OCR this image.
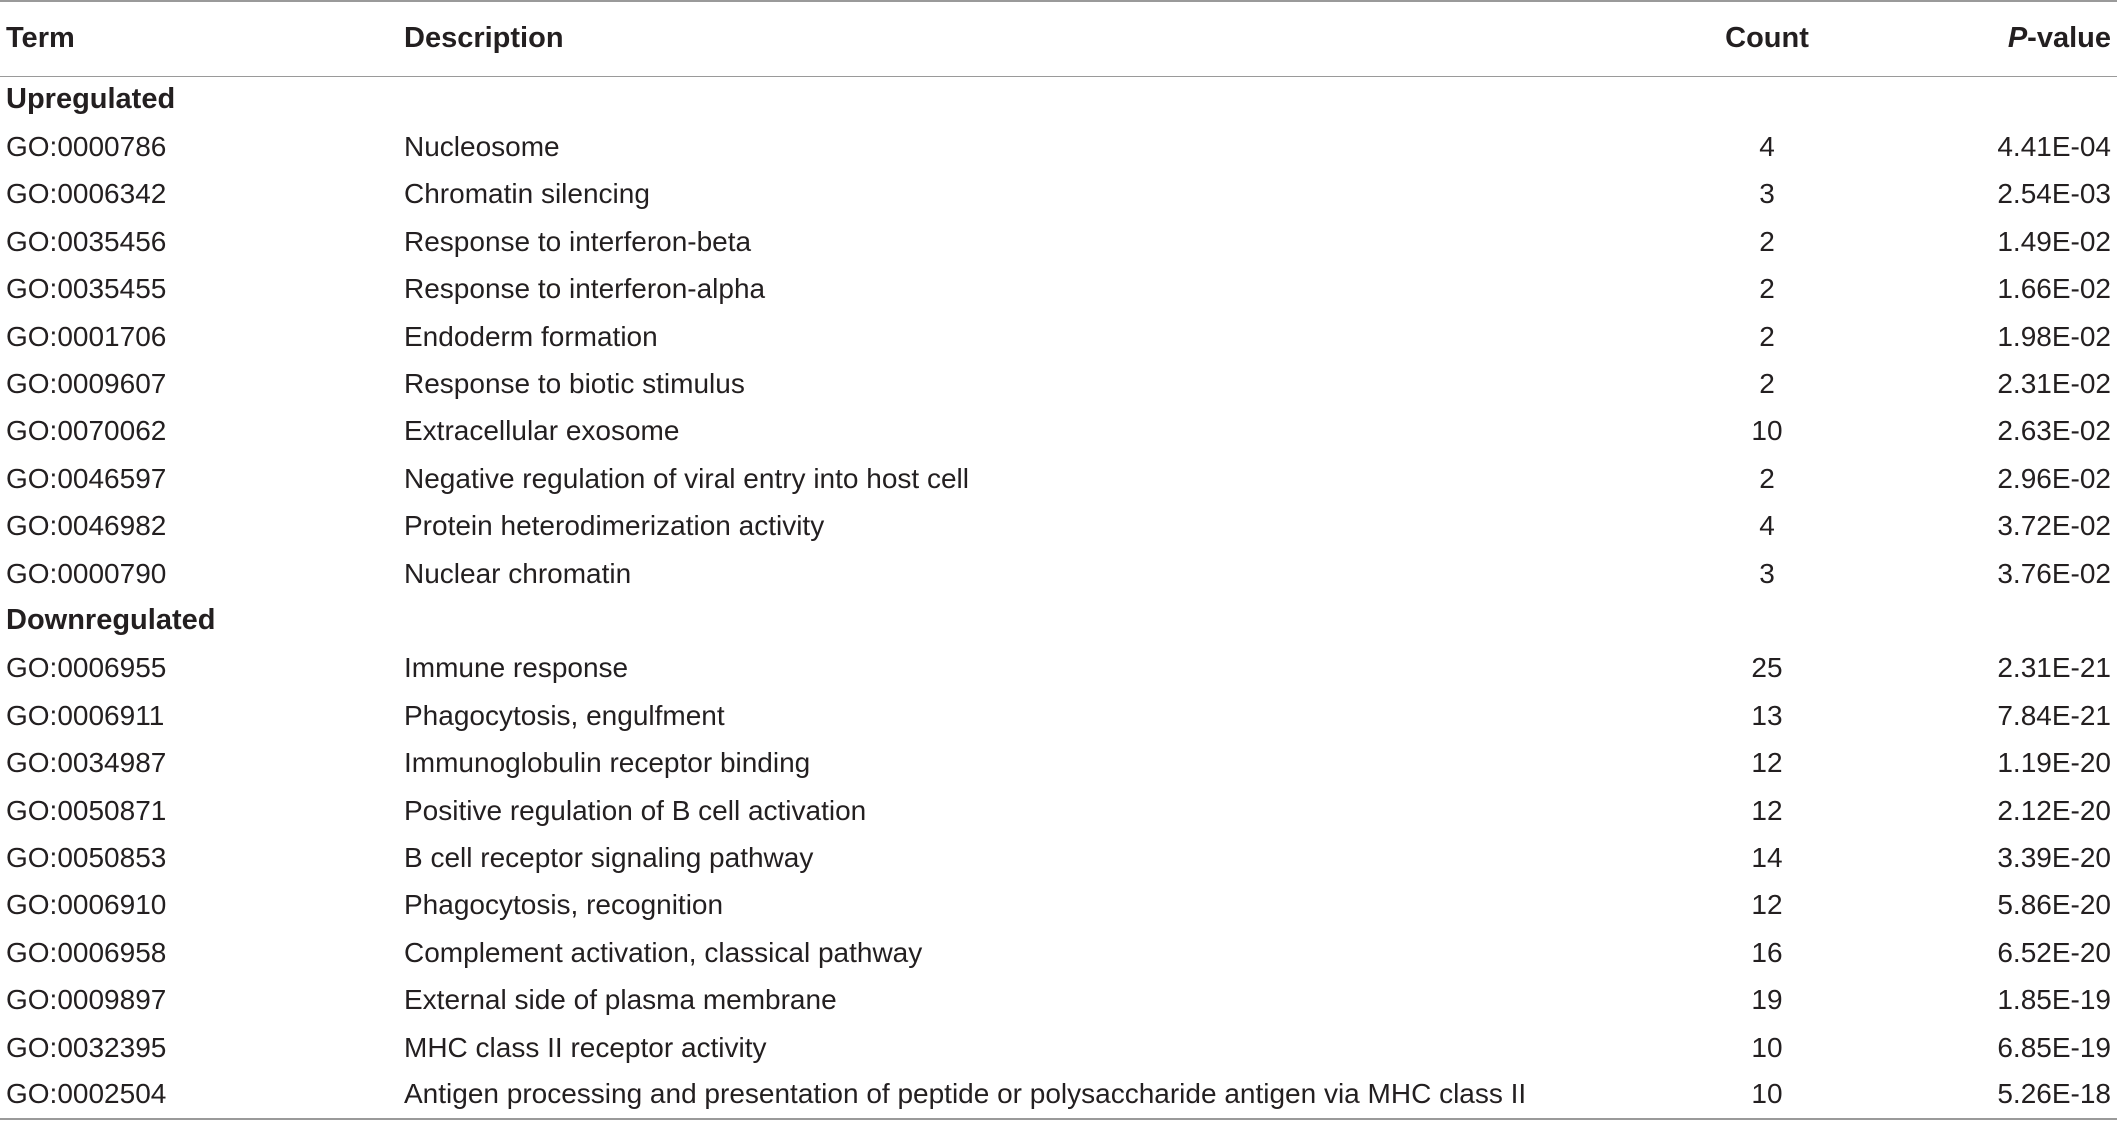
Term	Description	Count	P-value
Upregulated			
GO:0000786	Nucleosome	4	4.41E-04
GO:0006342	Chromatin silencing	3	2.54E-03
GO:0035456	Response to interferon-beta	2	1.49E-02
GO:0035455	Response to interferon-alpha	2	1.66E-02
GO:0001706	Endoderm formation	2	1.98E-02
GO:0009607	Response to biotic stimulus	2	2.31E-02
GO:0070062	Extracellular exosome	10	2.63E-02
GO:0046597	Negative regulation of viral entry into host cell	2	2.96E-02
GO:0046982	Protein heterodimerization activity	4	3.72E-02
GO:0000790	Nuclear chromatin	3	3.76E-02
Downregulated			
GO:0006955	Immune response	25	2.31E-21
GO:0006911	Phagocytosis, engulfment	13	7.84E-21
GO:0034987	Immunoglobulin receptor binding	12	1.19E-20
GO:0050871	Positive regulation of B cell activation	12	2.12E-20
GO:0050853	B cell receptor signaling pathway	14	3.39E-20
GO:0006910	Phagocytosis, recognition	12	5.86E-20
GO:0006958	Complement activation, classical pathway	16	6.52E-20
GO:0009897	External side of plasma membrane	19	1.85E-19
GO:0032395	MHC class II receptor activity	10	6.85E-19
GO:0002504	Antigen processing and presentation of peptide or polysaccharide antigen via MHC class II	10	5.26E-18
